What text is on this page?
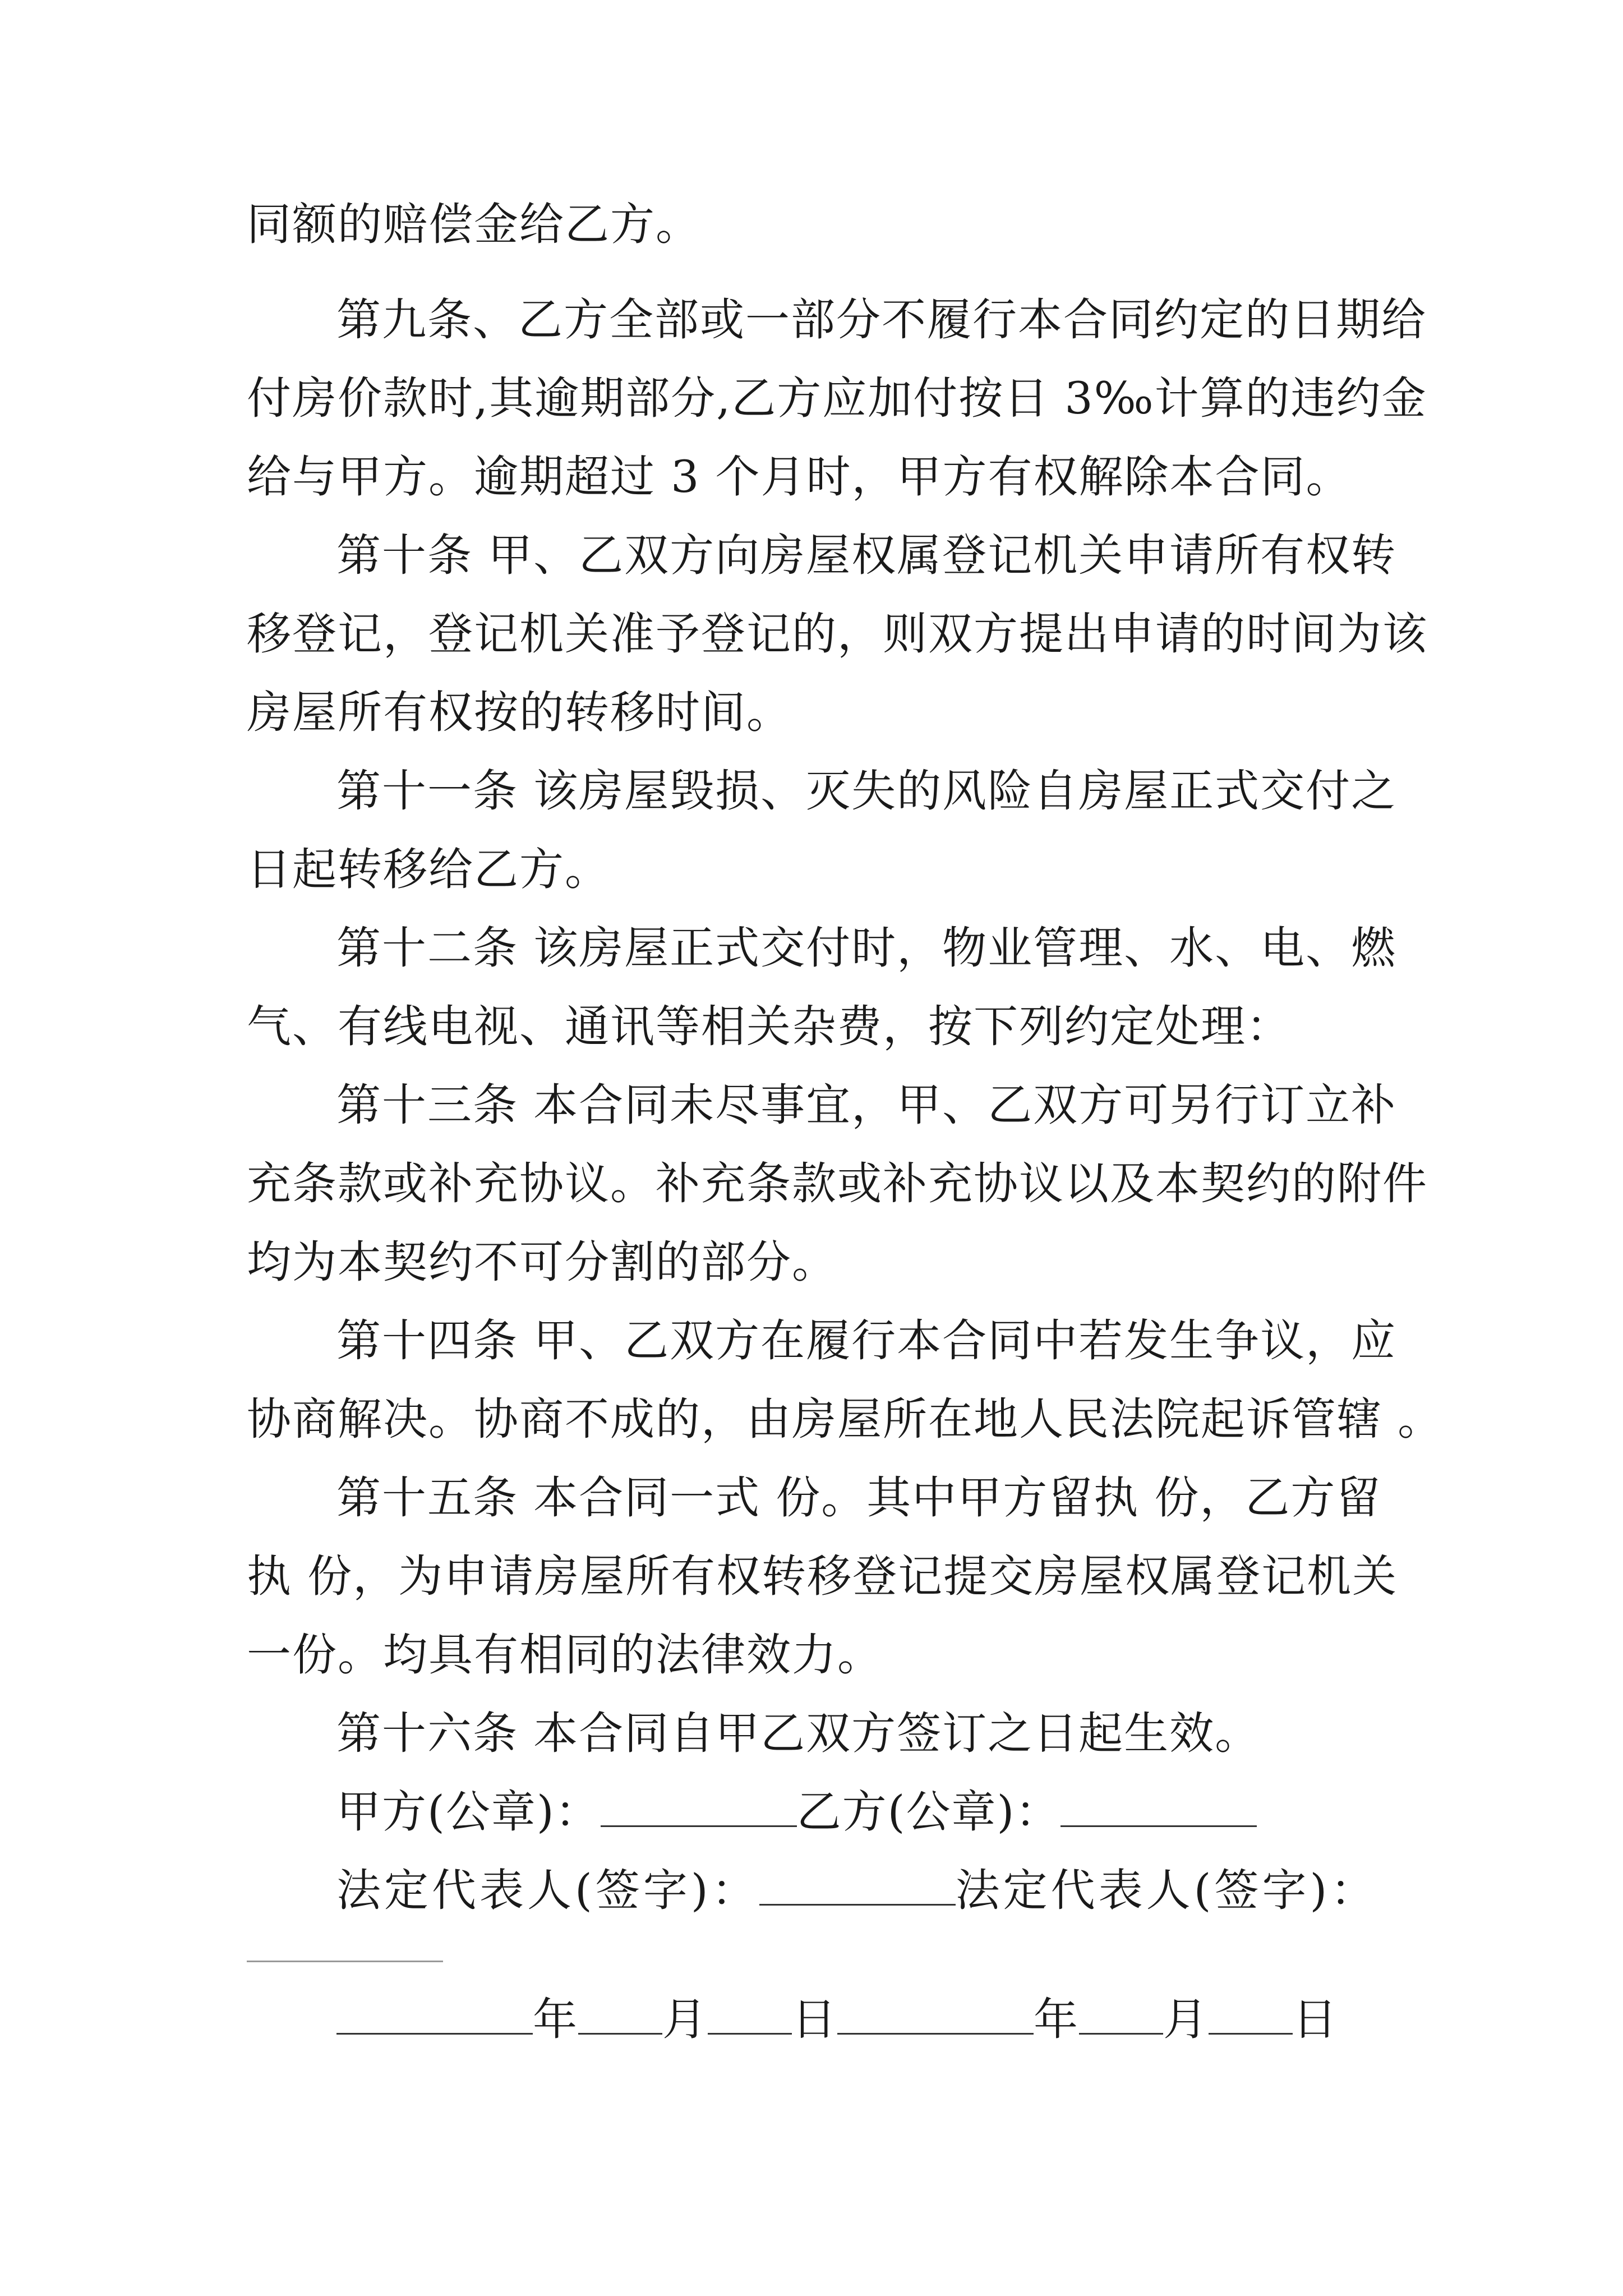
同额的赔偿金给乙方。
第九条、乙方全部或一部分不履行本合同约定的日期给
付房价款时,其逾期部分,乙方应加付按日 3‰计算的违约金
给与甲方。逾期超过 3 个月时，甲方有权解除本合同。
第十条 甲、乙双方向房屋权属登记机关申请所有权转
移登记，登记机关准予登记的，则双方提出申请的时间为该
房屋所有权按的转移时间。
第十一条 该房屋毁损、灭失的风险自房屋正式交付之
日起转移给乙方。
第十二条 该房屋正式交付时，物业管理、水、电、燃
气、有线电视、通讯等相关杂费，按下列约定处理：
第十三条 本合同未尽事宜，甲、乙双方可另行订立补
充条款或补充协议。补充条款或补充协议以及本契约的附件
均为本契约不可分割的部分。
第十四条 甲、乙双方在履行本合同中若发生争议，应
协商解决。协商不成的，由房屋所在地人民法院起诉管辖 。
第十五条 本合同一式 份。其中甲方留执 份，乙方留
执 份，为申请房屋所有权转移登记提交房屋权属登记机关
一份。均具有相同的法律效力。
第十六条 本合同自甲乙双方签订之日起生效。
甲方(公章)：	乙方(公章)：
法定代表人(签字)：	法定代表人(签字)：
年 月 日	年 月 日
